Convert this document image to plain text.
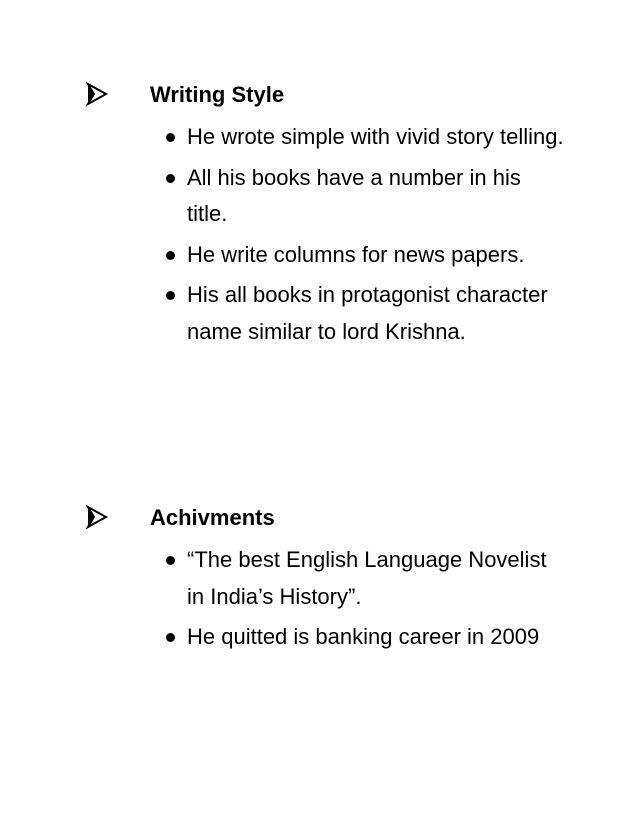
Writing Style
He wrote simple with vivid story telling.
All his books have a number in his title.
He write columns for news papers.
His all books in protagonist character name similar to lord Krishna.
Achivments
“The best English Language Novelist in India’s History”.
He quitted is banking career in 2009
